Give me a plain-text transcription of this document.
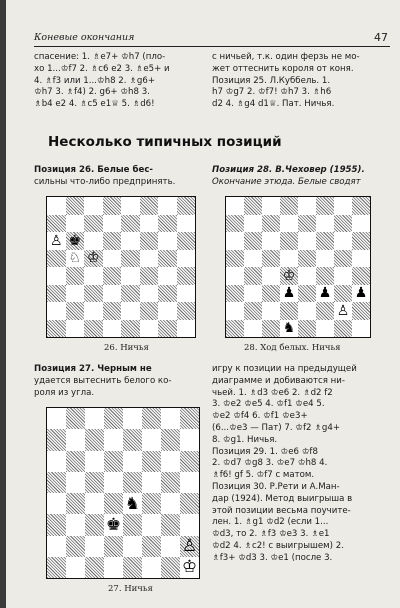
Коневые окончания	47
спасение: 1. ♗e7+ ♔h7 (пло-
хо 1...♔f7 2. ♗c6 e2 3. ♗e5+ и
4. ♗f3 или 1...♔h8 2. ♗g6+
♔h7 3. ♗f4) 2. g6+ ♔h8 3.
♗b4 e2 4. ♗c5 e1♕ 5. ♗d6!
с ничьей, т.к. один ферзь не мо-
жет оттеснить короля от коня.
Позиция 25. Л.Куббель. 1.
h7 ♔g7 2. ♔f7! ♔h7 3. ♗h6
d2 4. ♗g4 d1♕. Пат. Ничья.
Несколько типичных позиций
Позиция 26. Белые бес-
сильны что-либо предпринять.
Позиция 28. В.Чеховер (1955).
Окончание этюда. Белые сводят
♙ ♚
♘ ♔
26. Ничья
♔
♟ ♟ ♟
♙
♞
28. Ход белых. Ничья
Позиция 27. Черным не
удается вытеснить белого ко-
роля из угла.
♞
♚
♙
♔
27. Ничья
игру к позиции на предыдущей
диаграмме и добиваются ни-
чьей. 1. ♗d3 ♔e6 2. ♗d2 f2
3. ♔e2 ♔e5 4. ♔f1 ♔e4 5.
♔e2 ♔f4 6. ♔f1 ♔e3+
(6...♔e3 — Пат) 7. ♔f2 ♗g4+
8. ♔g1. Ничья.
Позиция 29. 1. ♔e6 ♔f8
2. ♔d7 ♔g8 3. ♔e7 ♔h8 4.
♗f6! gf 5. ♔f7 с матом.
Позиция 30. Р.Рети и А.Ман-
дар (1924). Метод выигрыша в
этой позиции весьма поучите-
лен. 1. ♗g1 ♔d2 (если 1...
♔d3, то 2. ♗f3 ♔e3 3. ♗e1
♔d2 4. ♗c2! с выигрышем) 2.
♗f3+ ♔d3 3. ♔e1 (после 3.
